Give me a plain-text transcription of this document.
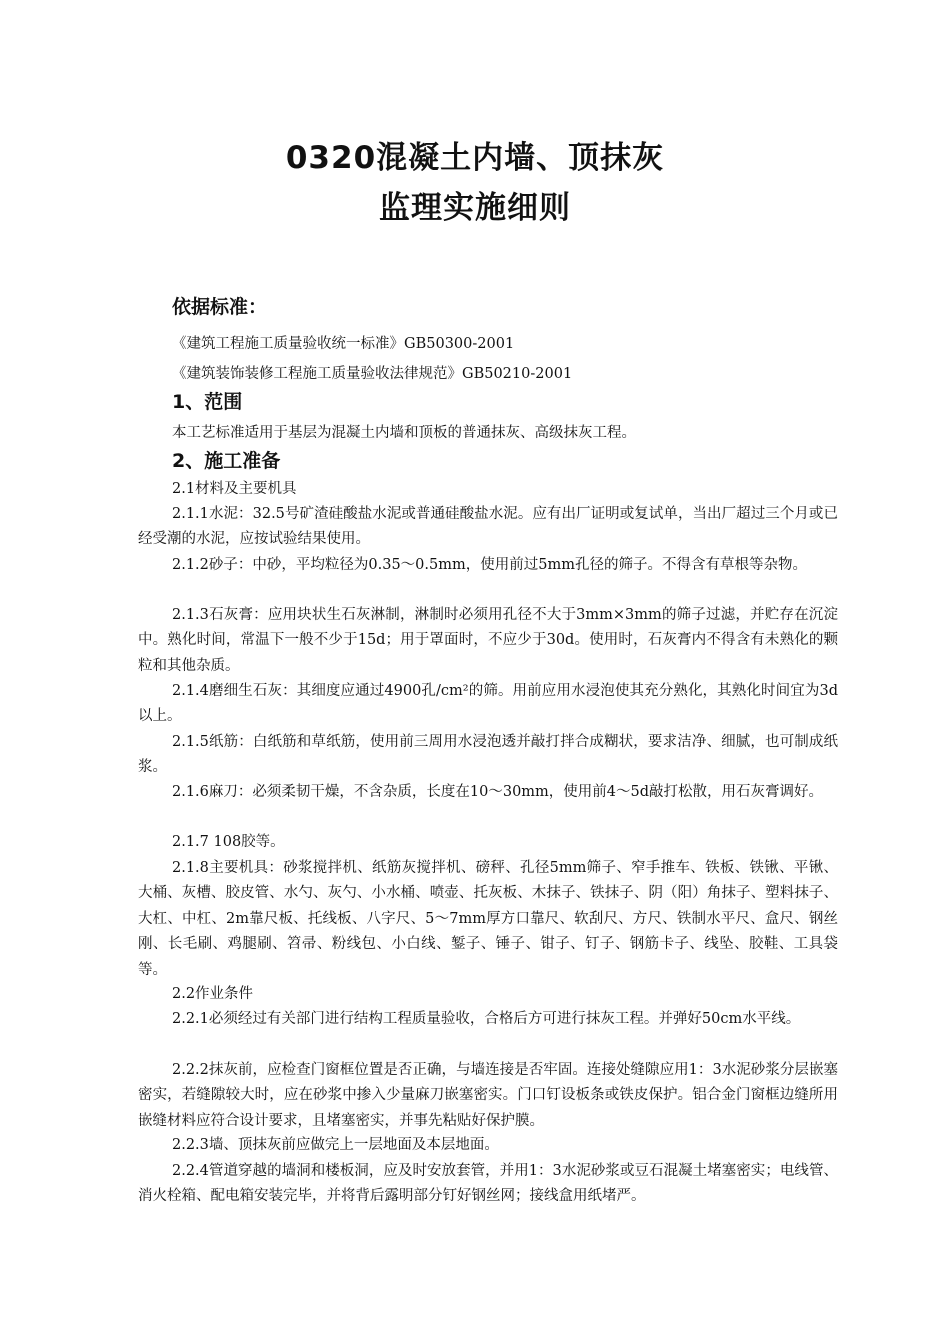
0320混凝土内墙、顶抹灰
监理实施细则
依据标准：
《建筑工程施工质量验收统一标准》GB50300-2001
《建筑装饰装修工程施工质量验收法律规范》GB50210-2001
1、范围
本工艺标准适用于基层为混凝土内墙和顶板的普通抹灰、高级抹灰工程。
2、施工准备
2.1材料及主要机具
2.1.1水泥：32.5号矿渣硅酸盐水泥或普通硅酸盐水泥。应有出厂证明或复试单，当出厂超过三个月或已经受潮的水泥，应按试验结果使用。
2.1.2砂子：中砂，平均粒径为0.35～0.5mm，使用前过5mm孔径的筛子。不得含有草根等杂物。
2.1.3石灰膏：应用块状生石灰淋制，淋制时必须用孔径不大于3mm×3mm的筛子过滤，并贮存在沉淀中。熟化时间，常温下一般不少于15d；用于罩面时，不应少于30d。使用时，石灰膏内不得含有未熟化的颗粒和其他杂质。
2.1.4磨细生石灰：其细度应通过4900孔/cm²的筛。用前应用水浸泡使其充分熟化，其熟化时间宜为3d以上。
2.1.5纸筋：白纸筋和草纸筋，使用前三周用水浸泡透并敲打拌合成糊状，要求洁净、细腻，也可制成纸浆。
2.1.6麻刀：必须柔韧干燥，不含杂质，长度在10～30mm，使用前4～5d敲打松散，用石灰膏调好。
2.1.7 108胶等。
2.1.8主要机具：砂浆搅拌机、纸筋灰搅拌机、磅秤、孔径5mm筛子、窄手推车、铁板、铁锹、平锹、大桶、灰槽、胶皮管、水勺、灰勺、小水桶、喷壶、托灰板、木抹子、铁抹子、阴（阳）角抹子、塑料抹子、大杠、中杠、2m靠尺板、托线板、八字尺、5～7mm厚方口靠尺、软刮尺、方尺、铁制水平尺、盒尺、钢丝刚、长毛刷、鸡腿刷、笤帚、粉线包、小白线、錾子、锤子、钳子、钉子、钢筋卡子、线坠、胶鞋、工具袋等。
2.2作业条件
2.2.1必须经过有关部门进行结构工程质量验收，合格后方可进行抹灰工程。并弹好50cm水平线。
2.2.2抹灰前，应检查门窗框位置是否正确，与墙连接是否牢固。连接处缝隙应用1：3水泥砂浆分层嵌塞密实，若缝隙较大时，应在砂浆中掺入少量麻刀嵌塞密实。门口钉设板条或铁皮保护。铝合金门窗框边缝所用嵌缝材料应符合设计要求，且堵塞密实，并事先粘贴好保护膜。
2.2.3墙、顶抹灰前应做完上一层地面及本层地面。
2.2.4管道穿越的墙洞和楼板洞，应及时安放套管，并用1：3水泥砂浆或豆石混凝土堵塞密实；电线管、消火栓箱、配电箱安装完毕，并将背后露明部分钉好钢丝网；接线盒用纸堵严。
